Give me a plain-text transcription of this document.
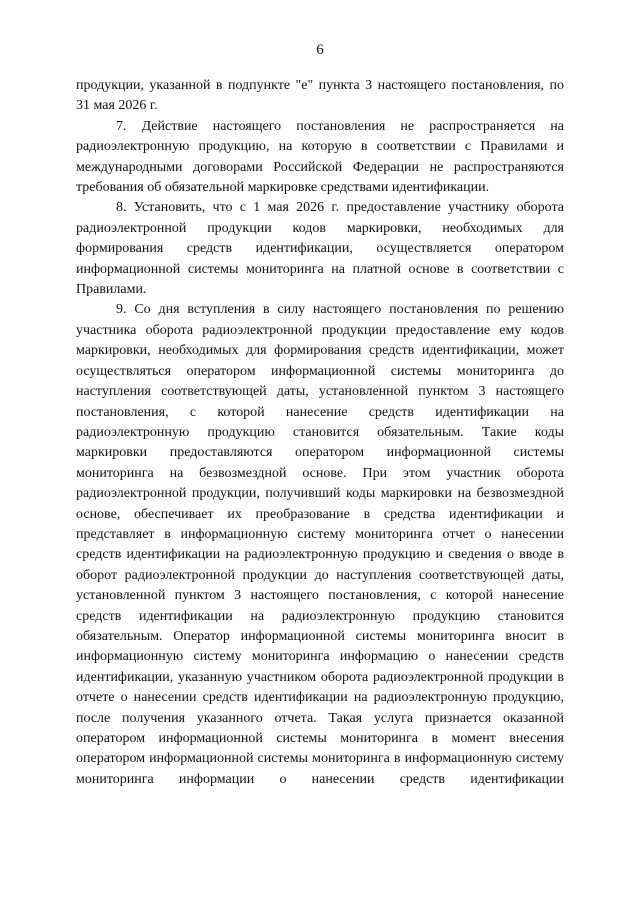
6

продукции, указанной в подпункте "е" пункта 3 настоящего постановления, по 31 мая 2026 г.

7. Действие настоящего постановления не распространяется на радиоэлектронную продукцию, на которую в соответствии с Правилами и международными договорами Российской Федерации не распространяются требования об обязательной маркировке средствами идентификации.

8. Установить, что с 1 мая 2026 г. предоставление участнику оборота радиоэлектронной продукции кодов маркировки, необходимых для формирования средств идентификации, осуществляется оператором информационной системы мониторинга на платной основе в соответствии с Правилами.

9. Со дня вступления в силу настоящего постановления по решению участника оборота радиоэлектронной продукции предоставление ему кодов маркировки, необходимых для формирования средств идентификации, может осуществляться оператором информационной системы мониторинга до наступления соответствующей даты, установленной пунктом 3 настоящего постановления, с которой нанесение средств идентификации на радиоэлектронную продукцию становится обязательным. Такие коды маркировки предоставляются оператором информационной системы мониторинга на безвозмездной основе. При этом участник оборота радиоэлектронной продукции, получивший коды маркировки на безвозмездной основе, обеспечивает их преобразование в средства идентификации и представляет в информационную систему мониторинга отчет о нанесении средств идентификации на радиоэлектронную продукцию и сведения о вводе в оборот радиоэлектронной продукции до наступления соответствующей даты, установленной пунктом 3 настоящего постановления, с которой нанесение средств идентификации на радиоэлектронную продукцию становится обязательным. Оператор информационной системы мониторинга вносит в информационную систему мониторинга информацию о нанесении средств идентификации, указанную участником оборота радиоэлектронной продукции в отчете о нанесении средств идентификации на радиоэлектронную продукцию, после получения указанного отчета. Такая услуга признается оказанной оператором информационной системы мониторинга в момент внесения оператором информационной системы мониторинга в информационную систему мониторинга информации о нанесении средств идентификации
